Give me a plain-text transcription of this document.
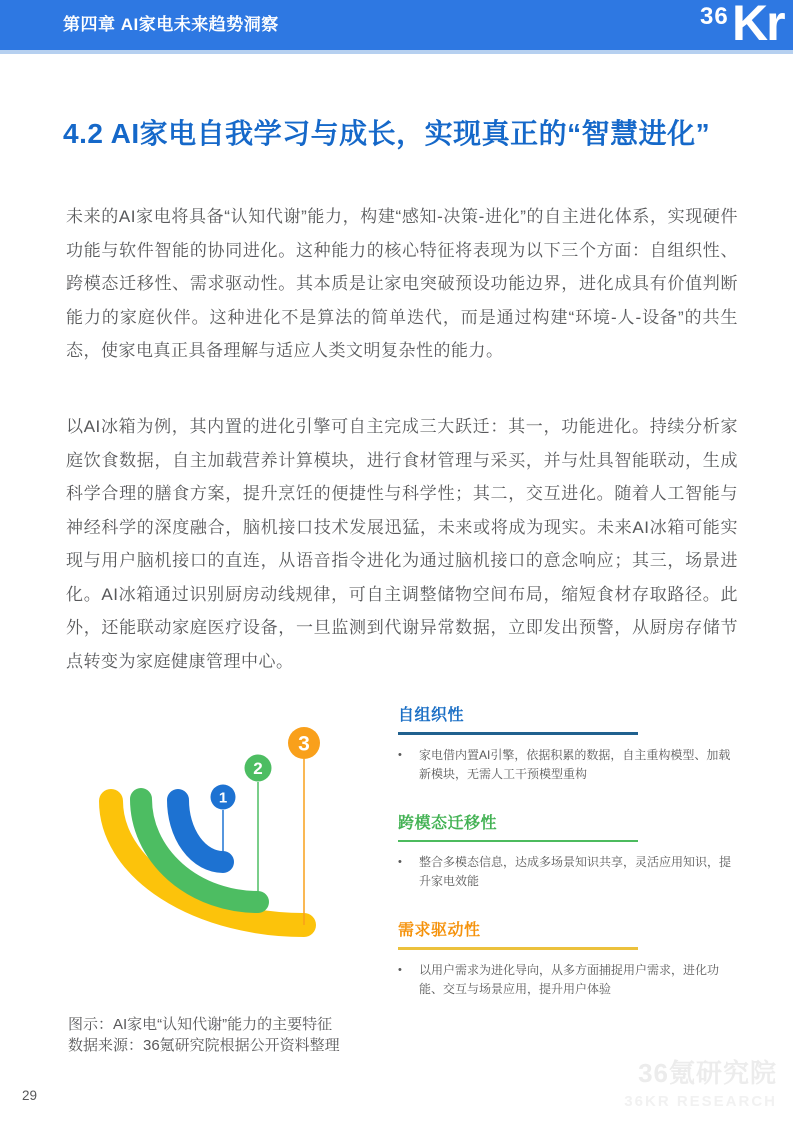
第四章 AI家电未来趋势洞察	36 Kr
4.2 AI家电自我学习与成长，实现真正的“智慧进化”

未来的AI家电将具备“认知代谢”能力，构建“感知-决策-进化”的自主进化体系，实现硬件功能与软件智能的协同进化。这种能力的核心特征将表现为以下三个方面：自组织性、跨模态迁移性、需求驱动性。其本质是让家电突破预设功能边界，进化成具有价值判断能力的家庭伙伴。这种进化不是算法的简单迭代，而是通过构建“环境-人-设备”的共生态，使家电真正具备理解与适应人类文明复杂性的能力。

以AI冰箱为例，其内置的进化引擎可自主完成三大跃迁：其一，功能进化。持续分析家庭饮食数据，自主加载营养计算模块，进行食材管理与采买，并与灶具智能联动，生成科学合理的膳食方案，提升烹饪的便捷性与科学性；其二，交互进化。随着人工智能与神经科学的深度融合，脑机接口技术发展迅猛，未来或将成为现实。未来AI冰箱可能实现与用户脑机接口的直连，从语音指令进化为通过脑机接口的意念响应；其三，场景进化。AI冰箱通过识别厨房动线规律，可自主调整储物空间布局，缩短食材存取路径。此外，还能联动家庭医疗设备，一旦监测到代谢异常数据，立即发出预警，从厨房存储节点转变为家庭健康管理中心。

1
2
3
自组织性
•	家电借内置AI引擎，依据积累的数据，自主重构模型、加载新模块，无需人工干预模型重构
跨模态迁移性
•	整合多模态信息，达成多场景知识共享，灵活应用知识，提升家电效能
需求驱动性
•	以用户需求为进化导向，从多方面捕捉用户需求，进化功能、交互与场景应用，提升用户体验
图示：AI家电“认知代谢”能力的主要特征
数据来源：36氪研究院根据公开资料整理
29
36氪研究院
36KR RESEARCH
